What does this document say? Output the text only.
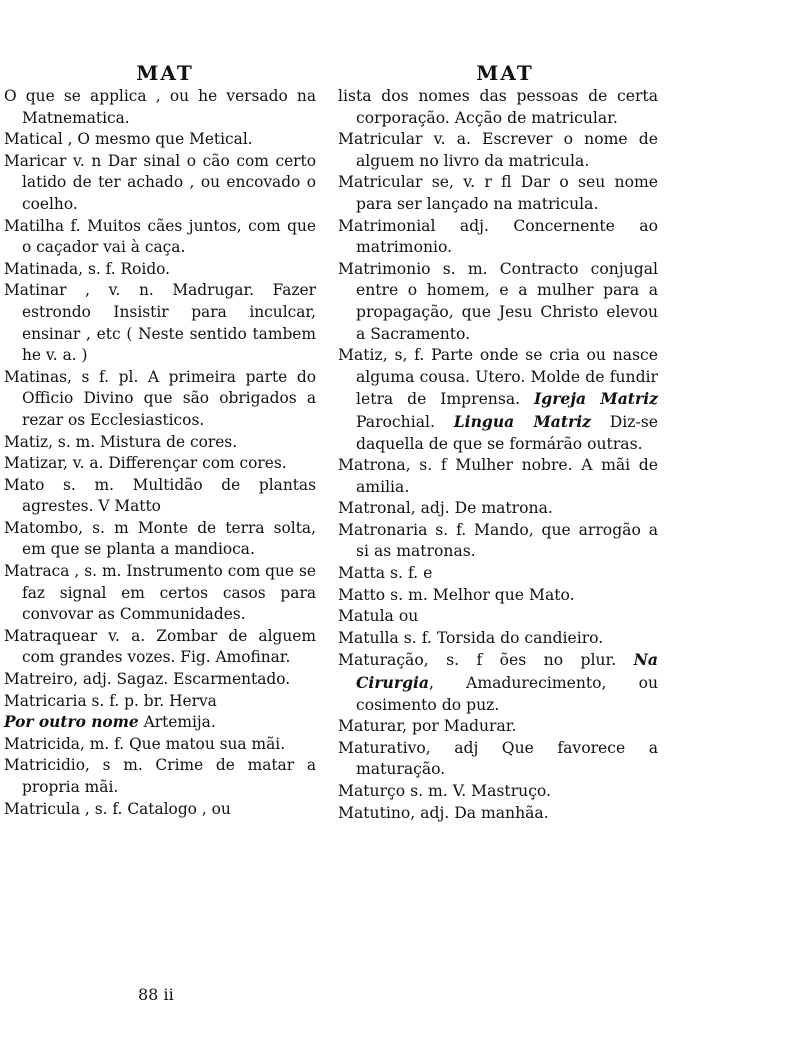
MAT

O que se applica , ou he versado na Matnematica.

Matical , O mesmo que Metical.

Maricar v. n Dar sinal o cão com certo latido de ter achado , ou encovado o coelho.

Matilha f. Muitos cães juntos, com que o caçador vai à caça.

Matinada, s. f. Roido.

Matinar , v. n. Madrugar. Fazer estrondo Insistir para inculcar, ensinar , etc ( Neste sentido tambem he v. a. )

Matinas, s f. pl. A primeira parte do Officio Divino que são obrigados a rezar os Ecclesiasticos.

Matiz, s. m. Mistura de cores.

Matizar, v. a. Differençar com cores.

Mato s. m. Multidão de plantas agrestes. V Matto

Matombo, s. m Monte de terra solta, em que se planta a mandioca.

Matraca , s. m. Instrumento com que se faz signal em certos casos para convovar as Communidades.

Matraquear v. a. Zombar de alguem com grandes vozes. Fig. Amofinar.

Matreiro, adj. Sagaz. Escarmentado.

Matricaria s. f. p. br. Herva

Por outro nome Artemija.

Matricida, m. f. Que matou sua mãi.

Matricidio, s m. Crime de matar a propria mãi.

Matricula , s. f. Catalogo , ou

88 ii
MAT

lista dos nomes das pessoas de certa corporação. Acção de matricular.

Matricular v. a. Escrever o nome de alguem no livro da matricula.

Matricular se, v. r fl Dar o seu nome para ser lançado na matricula.

Matrimonial adj. Concernente ao matrimonio.

Matrimonio s. m. Contracto conjugal entre o homem, e a mulher para a propagação, que Jesu Christo elevou a Sacramento.

Matiz, s, f. Parte onde se cria ou nasce alguma cousa. Utero. Molde de fundir letra de Imprensa. Igreja Matriz Parochial. Lingua Matriz Diz-se daquella de que se formárão outras.

Matrona, s. f Mulher nobre. A mãi de amilia.

Matronal, adj. De matrona.

Matronaria s. f. Mando, que arrogão a si as matronas.

Matta s. f. e

Matto s. m. Melhor que Mato.

Matula ou

Matulla s. f. Torsida do candieiro.

Maturação, s. f ões no plur. Na Cirurgia, Amadurecimento, ou cosimento do puz.

Maturar, por Madurar.

Maturativo, adj Que favorece a maturação.

Maturço s. m. V. Mastruço.

Matutino, adj. Da manhãa.
